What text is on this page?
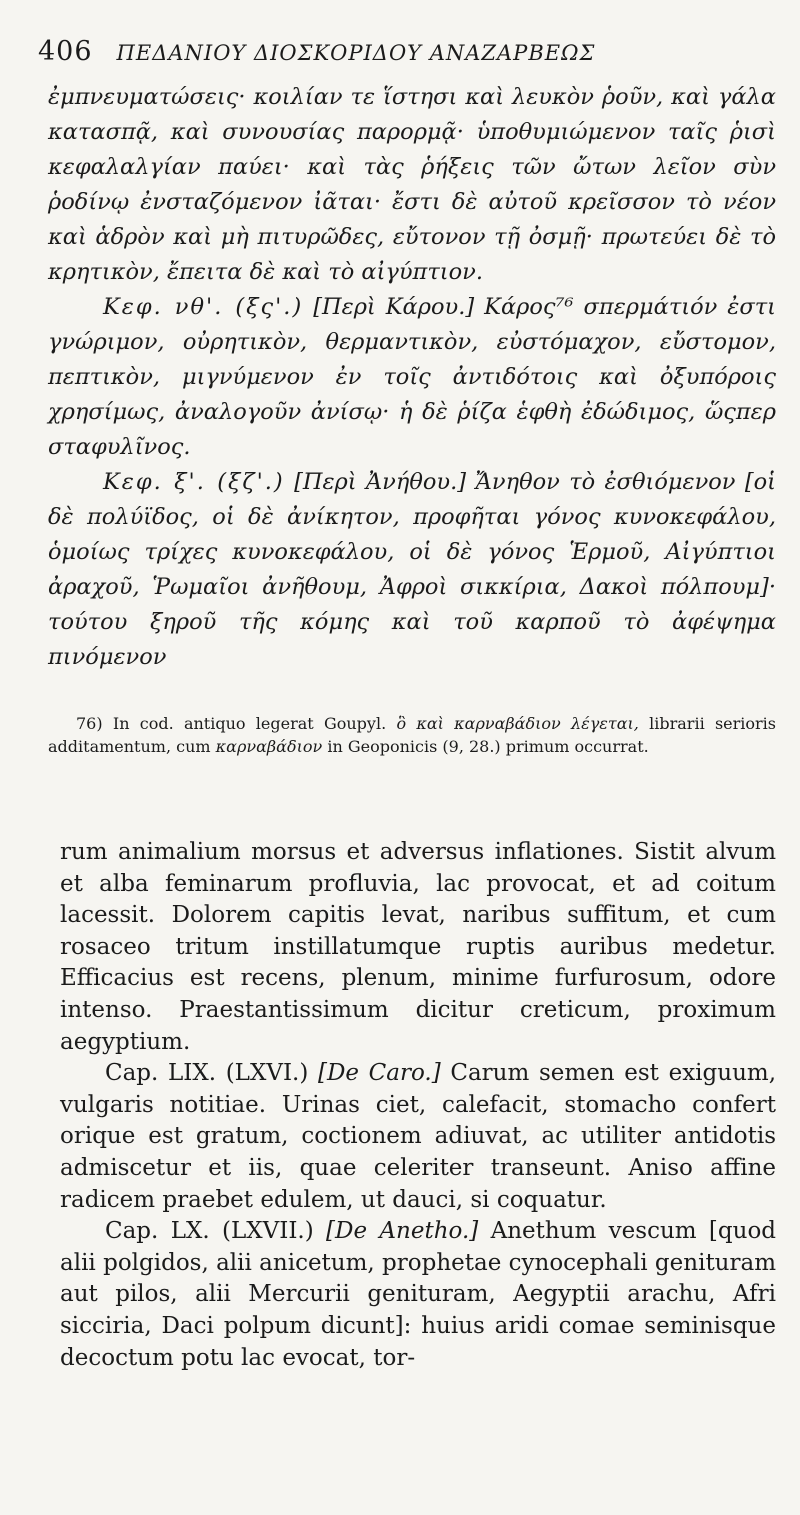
406 ΠΕΔΑΝΙΟΥ ΔΙΟΣΚΟΡΙΔΟΥ ΑΝΑΖΑΡΒΕΩΣ

ἐμπνευματώσεις· κοιλίαν τε ἵστησι καὶ λευκὸν ῥοῦν, καὶ γάλα κατασπᾷ, καὶ συνουσίας παρορμᾷ· ὑποθυμιώμενον ταῖς ῥισὶ κεφαλαλγίαν παύει· καὶ τὰς ῥήξεις τῶν ὤτων λεῖον σὺν ῥοδίνῳ ἐνσταζόμενον ἰᾶται· ἔστι δὲ αὐτοῦ κρεῖσσον τὸ νέον καὶ ἁδρὸν καὶ μὴ πιτυρῶδες, εὔτονον τῇ ὀσμῇ· πρωτεύει δὲ τὸ κρητικὸν, ἔπειτα δὲ καὶ τὸ αἰγύπτιον.

Κεφ. νθ'. (ξς'.) [Περὶ Κάρου.] Κάρος⁷⁶ σπερμάτιόν ἐστι γνώριμον, οὐρητικὸν, θερμαντικὸν, εὐστόμαχον, εὔστομον, πεπτικὸν, μιγνύμενον ἐν τοῖς ἀντιδότοις καὶ ὀξυπόροις χρησίμως, ἀναλογοῦν ἀνίσῳ· ἡ δὲ ῥίζα ἑφθὴ ἐδώδιμος, ὥςπερ σταφυλῖνος.

Κεφ. ξ'. (ξζ'.) [Περὶ Ἀνήθου.] Ἄνηθον τὸ ἐσθιόμενον [οἱ δὲ πολύϊδος, οἱ δὲ ἀνίκητον, προφῆται γόνος κυνοκεφάλου, ὁμοίως τρίχες κυνοκεφάλου, οἱ δὲ γόνος Ἑρμοῦ, Αἰγύπτιοι ἀραχοῦ, Ῥωμαῖοι ἀνῆθουμ, Ἀφροὶ σικκίρια, Δακοὶ πόλπουμ]· τούτου ξηροῦ τῆς κόμης καὶ τοῦ καρποῦ τὸ ἀφέψημα πινόμενον

76) In cod. antiquo legerat Goupyl. ὃ καὶ καρναβάδιον λέγεται, librarii serioris additamentum, cum καρναβάδιον in Geoponicis (9, 28.) primum occurrat.

rum animalium morsus et adversus inflationes. Sistit alvum et alba feminarum profluvia, lac provocat, et ad coitum lacessit. Dolorem capitis levat, naribus suffitum, et cum rosaceo tritum instillatumque ruptis auribus medetur. Efficacius est recens, plenum, minime furfurosum, odore intenso. Praestantissimum dicitur creticum, proximum aegyptium.

Cap. LIX. (LXVI.) [De Caro.] Carum semen est exiguum, vulgaris notitiae. Urinas ciet, calefacit, stomacho confert orique est gratum, coctionem adiuvat, ac utiliter antidotis admiscetur et iis, quae celeriter transeunt. Aniso affine radicem praebet edulem, ut dauci, si coquatur.

Cap. LX. (LXVII.) [De Anetho.] Anethum vescum [quod alii polgidos, alii anicetum, prophetae cynocephali genituram aut pilos, alii Mercurii genituram, Aegyptii arachu, Afri sicciria, Daci polpum dicunt]: huius aridi comae seminisque decoctum potu lac evocat, tor-
